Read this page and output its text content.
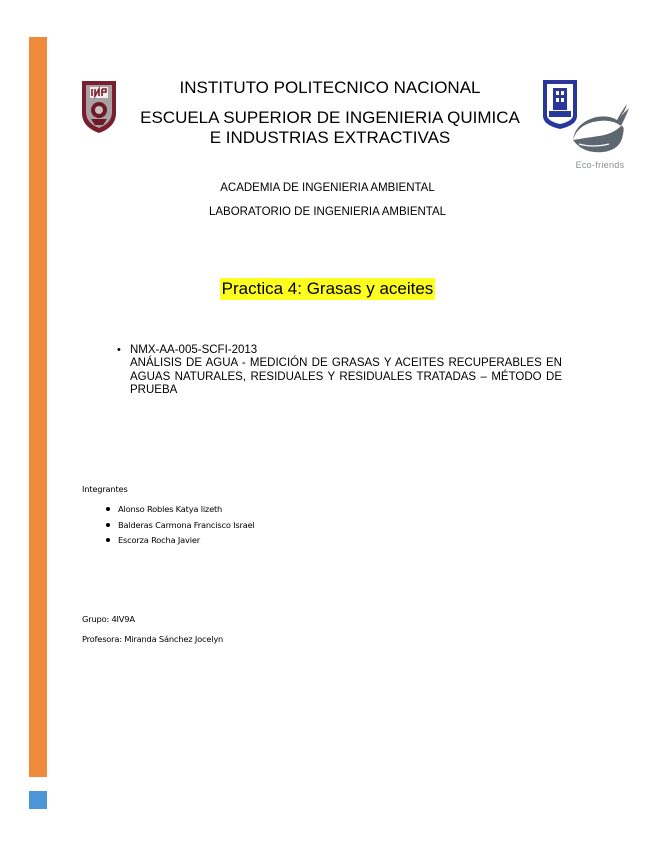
Eco-friends
INSTITUTO POLITECNICO NACIONAL
ESCUELA SUPERIOR DE INGENIERIA QUIMICA
E INDUSTRIAS EXTRACTIVAS
ACADEMIA DE INGENIERIA AMBIENTAL
LABORATORIO DE INGENIERIA AMBIENTAL
Practica 4: Grasas y aceites
• NMX-AA-005-SCFI-2013
ANÁLISIS DE AGUA - MEDICIÓN DE GRASAS Y ACEITES RECUPERABLES EN AGUAS NATURALES, RESIDUALES Y RESIDUALES TRATADAS – MÉTODO DE PRUEBA
Integrantes
Alonso Robles Katya lizeth
Balderas Carmona Francisco Israel
Escorza Rocha Javier
Grupo: 4IV9A
Profesora: Miranda Sánchez Jocelyn
